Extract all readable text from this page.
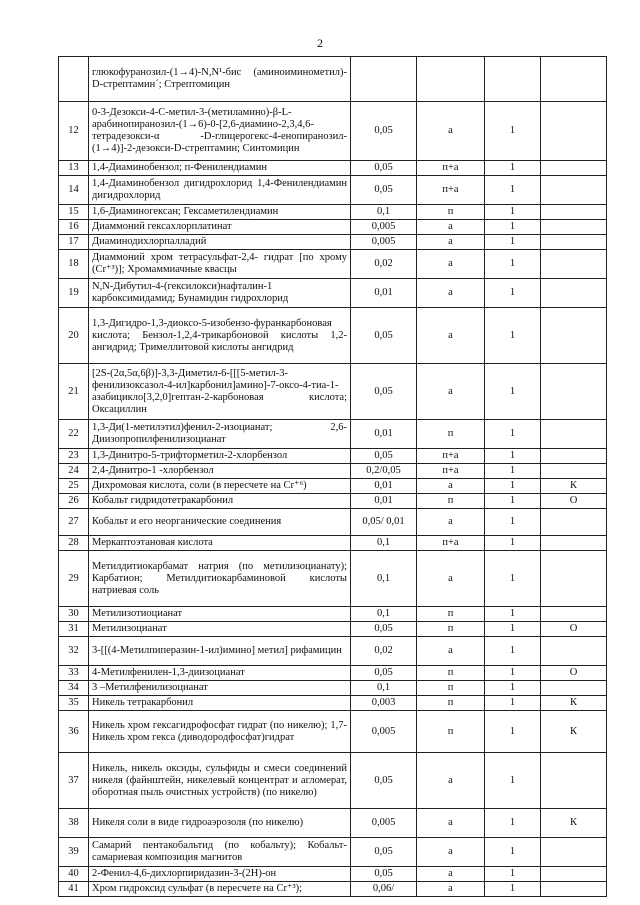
2
	глюкофуранозил-(1→4)-N,N¹-бис (аминоиминометил)-D-стрептамин´; Стрептомицин				
12	0-3-Дезокси-4-С-метил-3-(метиламино)-β-L-арабинопиранозил-(1→6)-0-[2,6-диамино-2,3,4,6-тетрадезокси-α -D-глицерогекс-4-енопиранозил-(1→4)]-2-дезокси-D-стрептамин; Синтомицин	0,05	а	1	
13	1,4-Диаминобензол; п-Фенилендиамин	0,05	п+а	1	
14	1,4-Диаминобензол дигидрохлорид 1,4-Фенилендиамин дигидрохлорид	0,05	п+а	1	
15	1,6-Диаминогексан; Гексаметилендиамин	0,1	п	1	
16	Диаммоний гексахлорплатинат	0,005	а	1	
17	Диаминодихлорпалладий	0,005	а	1	
18	Диаммоний хром тетрасульфат-2,4- гидрат [по хрому (Cr⁺³)]; Хромаммиачные квасцы	0,02	а	1	
19	N,N-Дибутил-4-(гексилокси)нафталин-1 карбоксимидамид; Бунамидин гидрохлорид	0,01	а	1	
20	1,3-Дигидро-1,3-диоксо-5-изобензо-фуранкарбоновая кислота; Бензол-1,2,4-трикарбоновой кислоты 1,2-ангидрид; Тримеллитовой кислоты ангидрид	0,05	а	1	
21	[2S-(2α,5α,6β)]-3,3-Диметил-6-[[[5-метил-3-фенилизоксазол-4-ил]карбонил]амино]-7-оксо-4-тиа-1-азабицикло[3,2,0]гептан-2-карбоновая кислота; Оксациллин	0,05	а	1	
22	1,3-Ди(1-метилэтил)фенил-2-изоцианат; 2,6-Диизопропилфенилизоцианат	0,01	п	1	
23	1,3-Динитро-5-трифторметил-2-хлорбензол	0,05	п+а	1	
24	2,4-Динитро-1 -хлорбензол	0,2/0,05	п+а	1	
25	Дихромовая кислота, соли (в пересчете на Cr⁺⁶)	0,01	а	1	К
26	Кобальт гидридотетракарбонил	0,01	п	1	О
27	Кобальт и его неорганические соединения	0,05/ 0,01	а	1	
28	Меркаптоэтановая кислота	0,1	п+а	1	
29	Метилдитиокарбамат натрия (по метилизоцианату); Карбатион; Метилдитиокарбаминовой кислоты натриевая соль	0,1	а	1	
30	Метилизотиоцианат	0,1	п	1	
31	Метилизоцианат	0,05	п	1	О
32	3-[[(4-Метилпиперазин-1-ил)имино] метил] рифамицин	0,02	а	1	
33	4-Метилфенилен-1,3-диизоцианат	0,05	п	1	О
34	3 –Метилфенилизоцианат	0,1	п	1	
35	Никель тетракарбонил	0,003	п	1	К
36	Никель хром гексагидрофосфат гидрат (по никелю); 1,7-Никель хром гекса (диводородфосфат)гидрат	0,005	п	1	К
37	Никель, никель оксиды, сульфиды и смеси соединений никеля (файнштейн, никелевый концентрат и агломерат, оборотная пыль очистных устройств) (по никелю)	0,05	а	1	
38	Никеля соли в виде гидроаэрозоля (по никелю)	0,005	а	1	К
39	Самарий пентакобальтид (по кобальту); Кобальт-самариевая композиция магнитов	0,05	а	1	
40	2-Фенил-4,6-дихлорпиридазин-3-(2H)-он	0,05	а	1	
41	Хром гидроксид сульфат (в пересчете на Cr⁺³);	0,06/	а	1	
